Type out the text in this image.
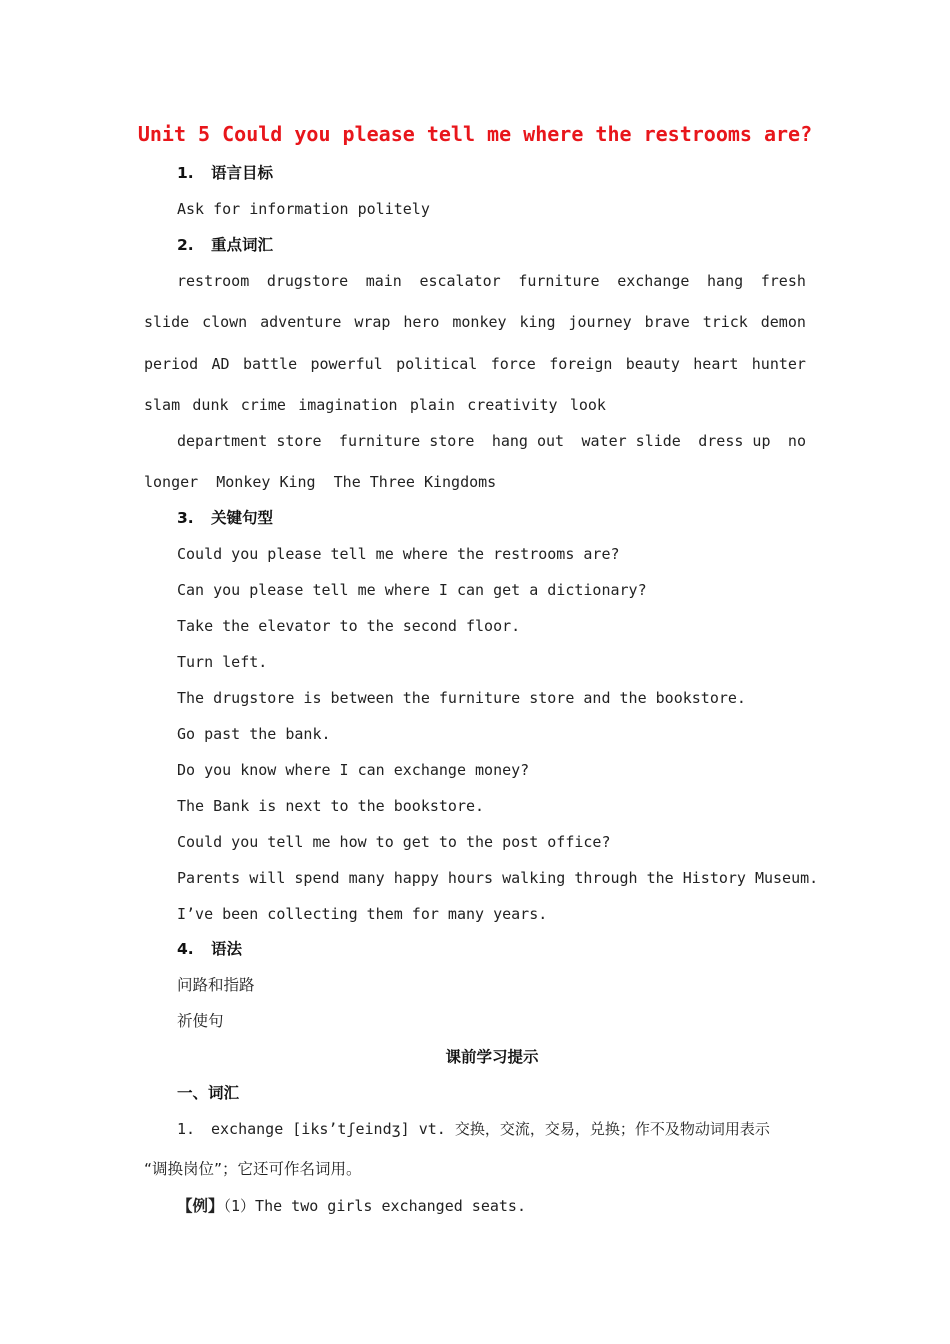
Unit 5 Could you please tell me where the restrooms are?
1. 语言目标
Ask for information politely
2. 重点词汇
restroom drugstore main escalator furniture exchange hang fresh
slide clown adventure wrap hero monkey king journey brave trick demon
period AD battle powerful political force foreign beauty heart hunter
slam dunk crime imagination plain creativity look
department store furniture store hang out water slide dress up no
longer  Monkey King  The Three Kingdoms
3. 关键句型
Could you please tell me where the restrooms are?
Can you please tell me where I can get a dictionary?
Take the elevator to the second floor.
Turn left.
The drugstore is between the furniture store and the bookstore.
Go past the bank.
Do you know where I can exchange money?
The Bank is next to the bookstore.
Could you tell me how to get to the post office?
Parents will spend many happy hours walking through the History Museum.
I’ve been collecting them for many years.
4. 语法
问路和指路
祈使句
课前学习提示
一、词汇
1. exchange [iks’tʃeindʒ] vt. 交换，交流，交易，兑换；作不及物动词用表示
“调换岗位”；它还可作名词用。
【例】（1）The two girls exchanged seats.
